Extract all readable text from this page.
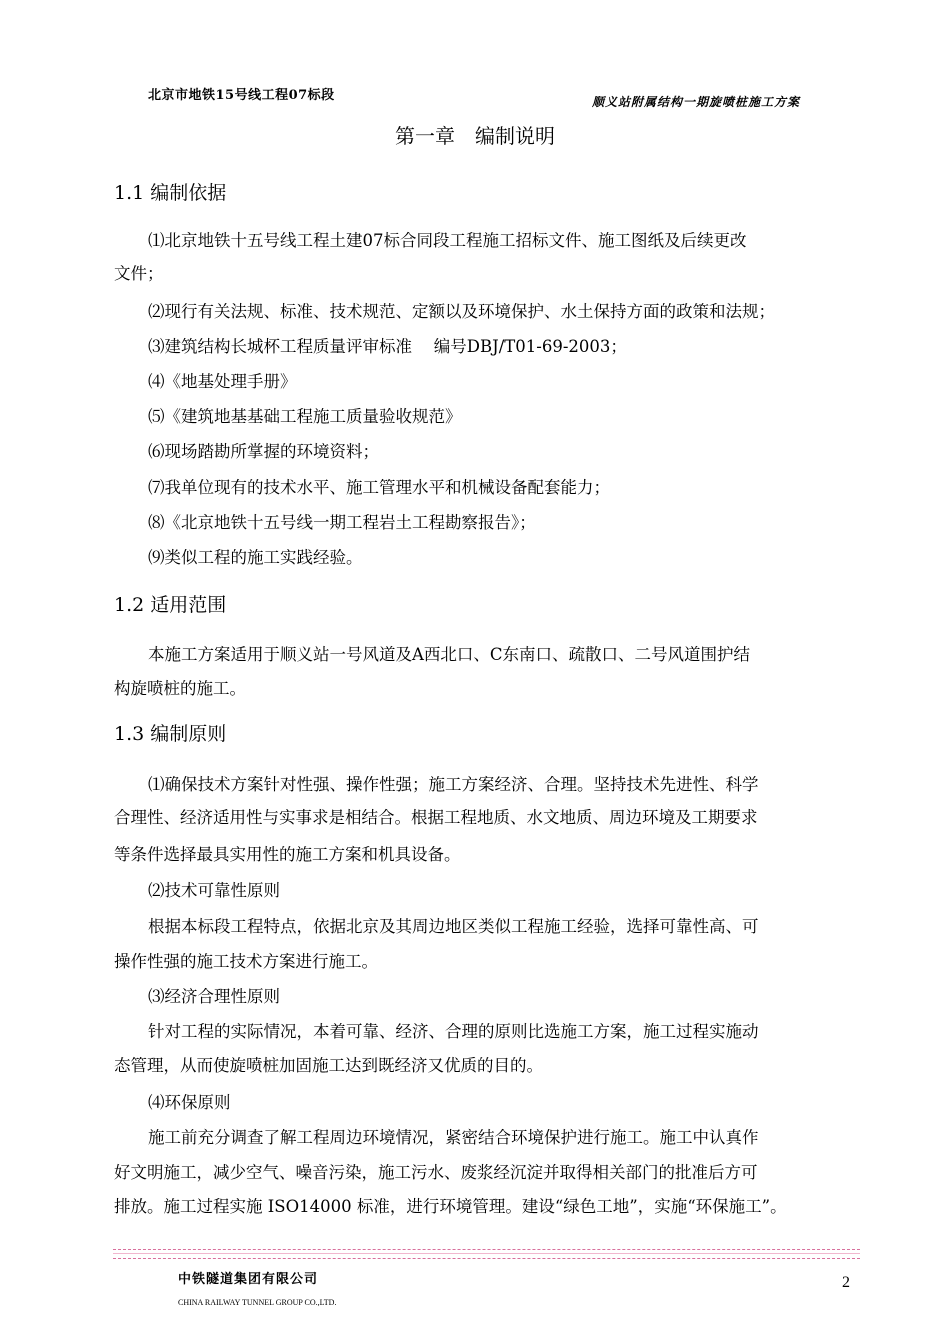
北京市地铁15号线工程07标段	顺义站附属结构一期旋喷桩施工方案
第一章　编制说明
1.1 编制依据
⑴北京地铁十五号线工程土建07标合同段工程施工招标文件、施工图纸及后续更改
文件；
⑵现行有关法规、标准、技术规范、定额以及环境保护、水土保持方面的政策和法规；
⑶建筑结构长城杯工程质量评审标准　 编号DBJ/T01-69-2003；
⑷《地基处理手册》
⑸《建筑地基基础工程施工质量验收规范》
⑹现场踏勘所掌握的环境资料；
⑺我单位现有的技术水平、施工管理水平和机械设备配套能力；
⑻《北京地铁十五号线一期工程岩土工程勘察报告》；
⑼类似工程的施工实践经验。
1.2 适用范围
本施工方案适用于顺义站一号风道及A西北口、C东南口、疏散口、二号风道围护结
构旋喷桩的施工。
1.3 编制原则
⑴确保技术方案针对性强、操作性强；施工方案经济、合理。坚持技术先进性、科学
合理性、经济适用性与实事求是相结合。根据工程地质、水文地质、周边环境及工期要求
等条件选择最具实用性的施工方案和机具设备。
⑵技术可靠性原则
根据本标段工程特点，依据北京及其周边地区类似工程施工经验，选择可靠性高、可
操作性强的施工技术方案进行施工。
⑶经济合理性原则
针对工程的实际情况，本着可靠、经济、合理的原则比选施工方案，施工过程实施动
态管理，从而使旋喷桩加固施工达到既经济又优质的目的。
⑷环保原则
施工前充分调查了解工程周边环境情况，紧密结合环境保护进行施工。施工中认真作
好文明施工，减少空气、噪音污染，施工污水、废浆经沉淀并取得相关部门的批准后方可
排放。施工过程实施 ISO14000 标准，进行环境管理。建设“绿色工地”，实施“环保施工”。
中铁隧道集团有限公司
CHINA RAILWAY TUNNEL GROUP CO.,LTD.
2
